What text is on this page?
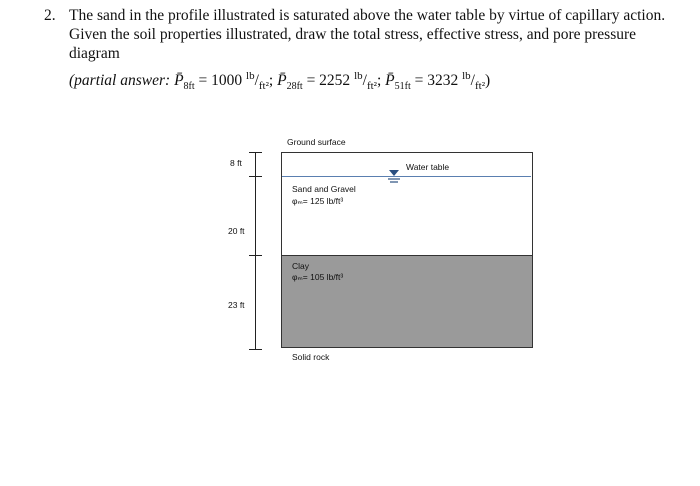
2. The sand in the profile illustrated is saturated above the water table by virtue of capillary action. Given the soil properties illustrated, draw the total stress, effective stress, and pore pressure diagram
(partial answer: $P̄_{8ft} = 1000$ $^{lb}/_{ft^2}$; $P̄_{28ft} = 2252$ $^{lb}/_{ft^2}$; $P̄_{51ft} = 3232$ $^{lb}/_{ft^2}$)
8 ft
20 ft
23 ft
Ground surface
Water table
Sand and Gravel
φₘ= 125 lb/ft³
Clay
φₘ= 105 lb/ft³
Solid rock
